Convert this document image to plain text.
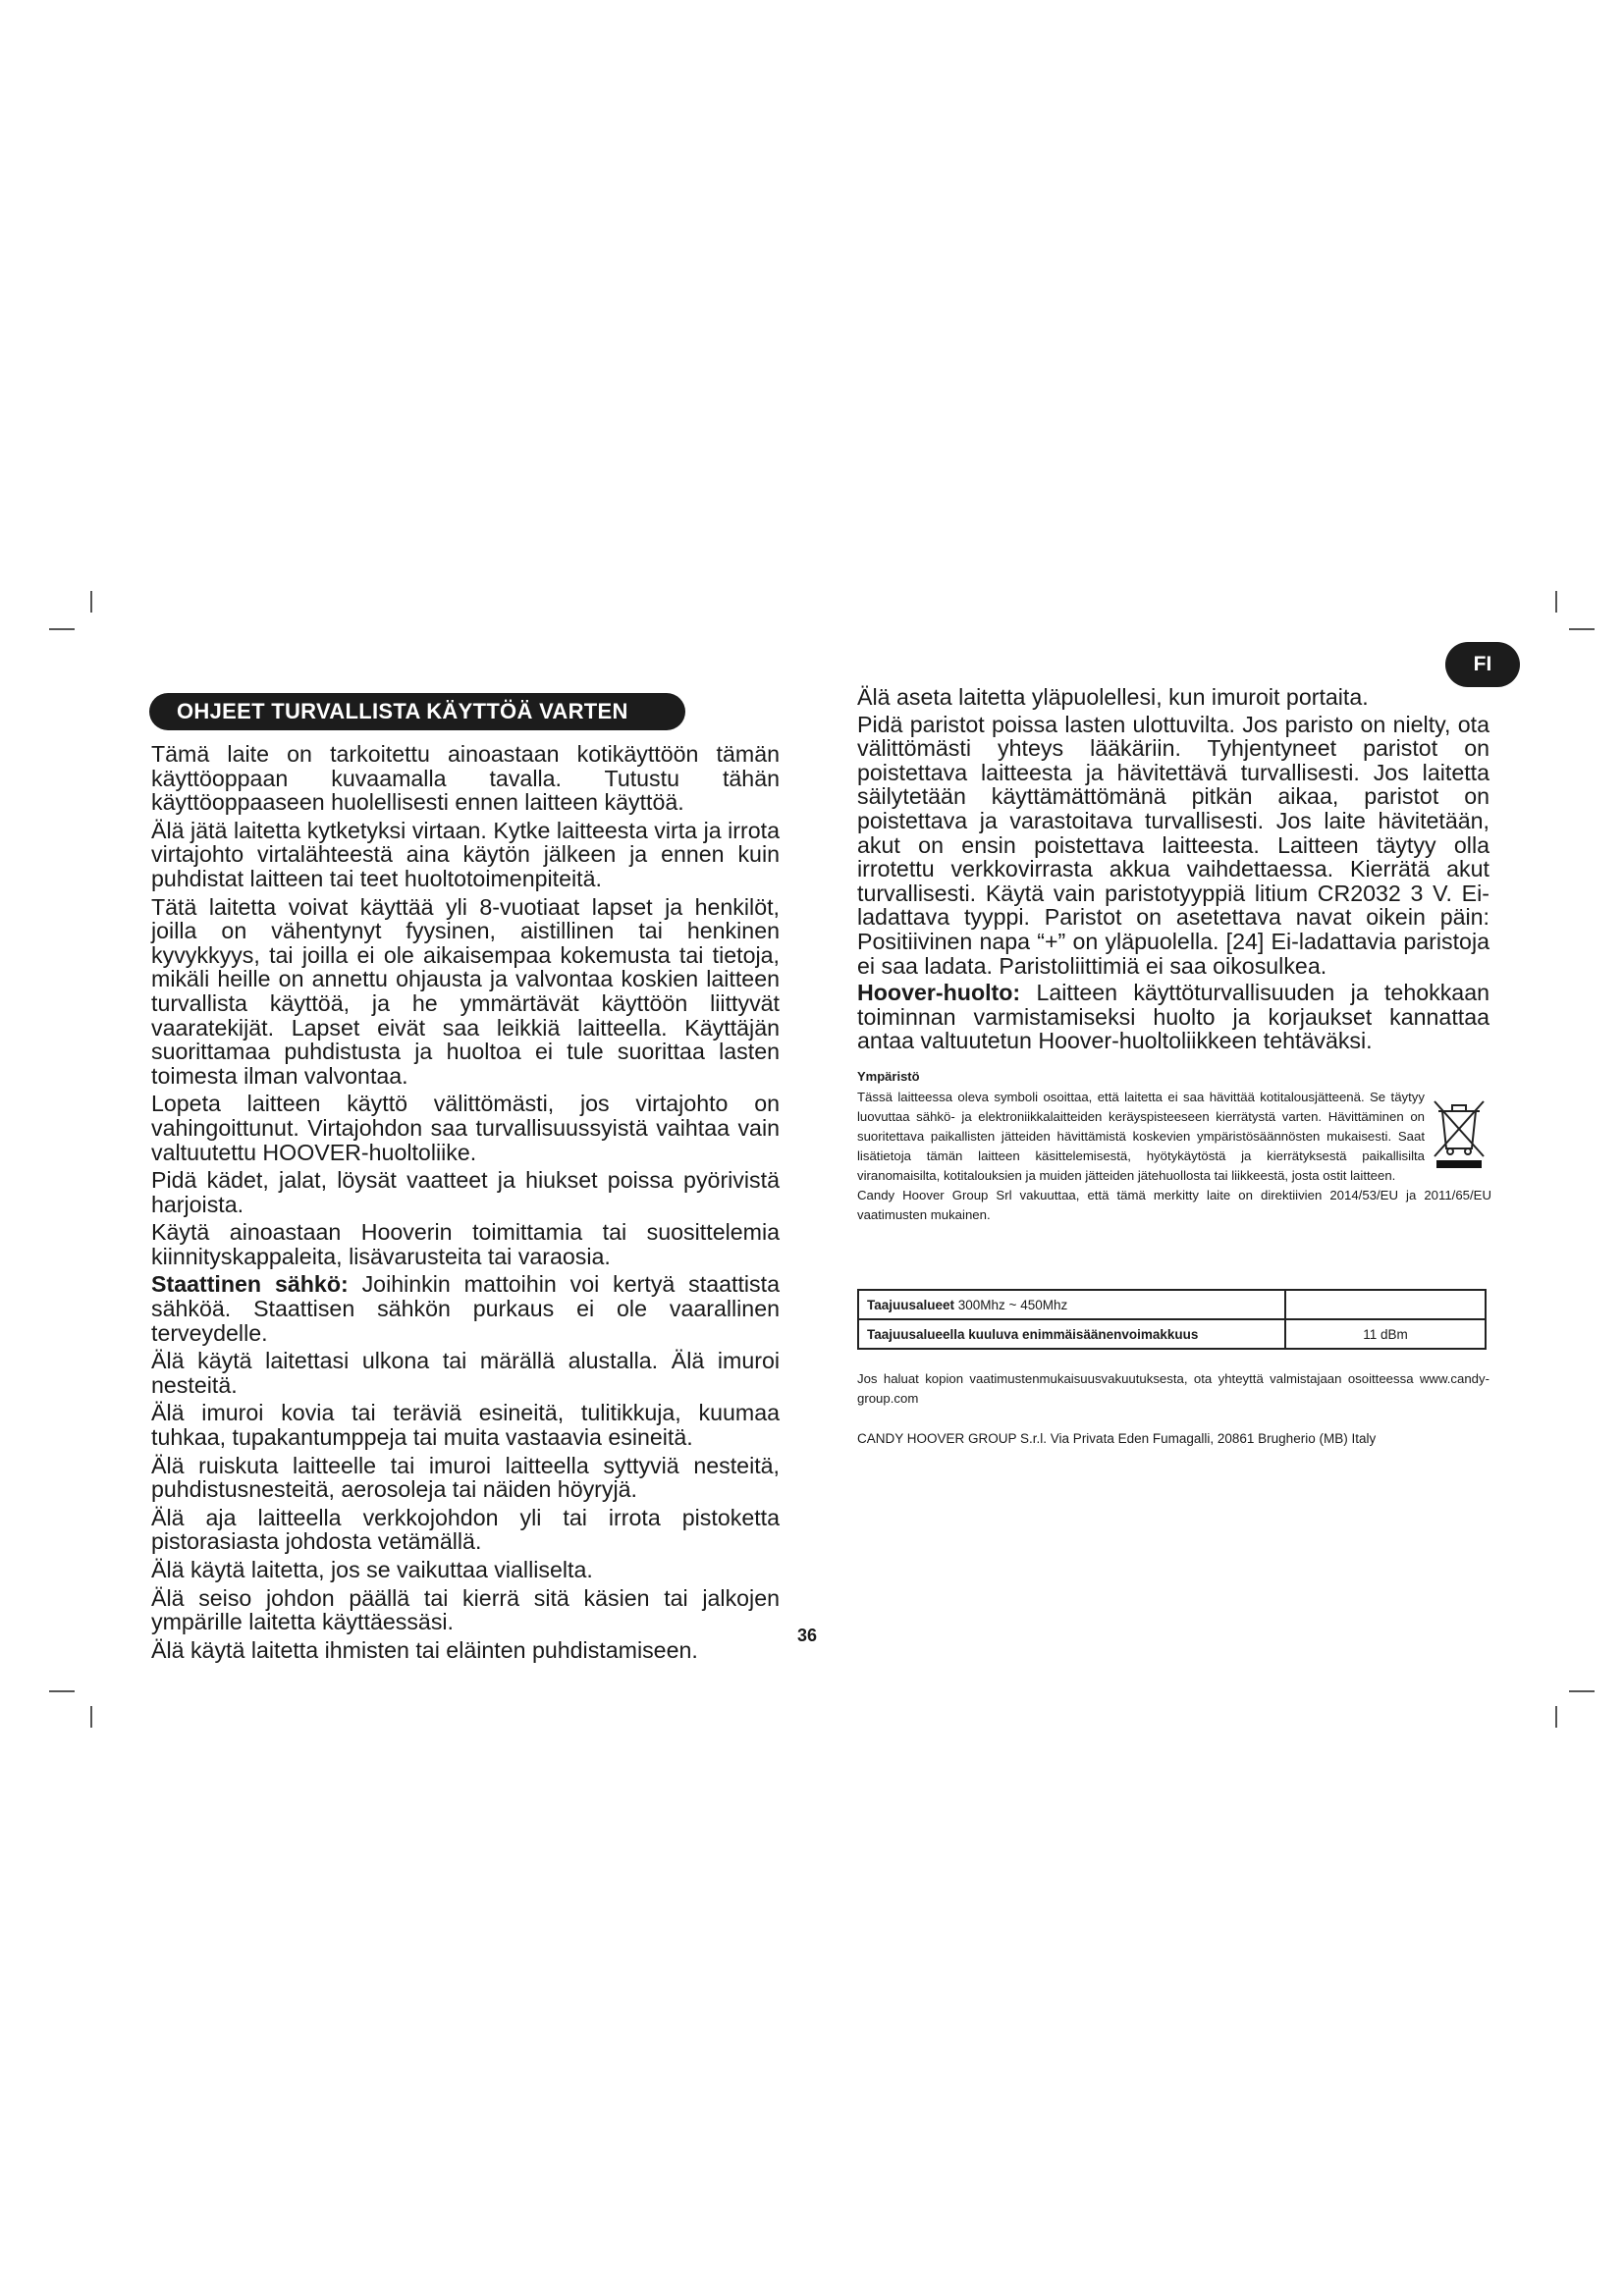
FI
OHJEET TURVALLISTA KÄYTTÖÄ VARTEN

Tämä laite on tarkoitettu ainoastaan kotikäyttöön tämän käyttöoppaan kuvaamalla tavalla. Tutustu tähän käyttöoppaaseen huolellisesti ennen laitteen käyttöä.

Älä jätä laitetta kytketyksi virtaan. Kytke laitteesta virta ja irrota virtajohto virtalähteestä aina käytön jälkeen ja ennen kuin puhdistat laitteen tai teet huoltotoimenpiteitä.

Tätä laitetta voivat käyttää yli 8-vuotiaat lapset ja henkilöt, joilla on vähentynyt fyysinen, aistillinen tai henkinen kyvykkyys, tai joilla ei ole aikaisempaa kokemusta tai tietoja, mikäli heille on annettu ohjausta ja valvontaa koskien laitteen turvallista käyttöä, ja he ymmärtävät käyttöön liittyvät vaaratekijät. Lapset eivät saa leikkiä laitteella. Käyttäjän suorittamaa puhdistusta ja huoltoa ei tule suorittaa lasten toimesta ilman valvontaa.

Lopeta laitteen käyttö välittömästi, jos virtajohto on vahingoittunut. Virtajohdon saa turvallisuussyistä vaihtaa vain valtuutettu HOOVER-huoltoliike.

Pidä kädet, jalat, löysät vaatteet ja hiukset poissa pyörivistä harjoista.

Käytä ainoastaan Hooverin toimittamia tai suosittelemia kiinnityskappaleita, lisävarusteita tai varaosia.

Staattinen sähkö: Joihinkin mattoihin voi kertyä staattista sähköä. Staattisen sähkön purkaus ei ole vaarallinen terveydelle.

Älä käytä laitettasi ulkona tai märällä alustalla. Älä imuroi nesteitä.

Älä imuroi kovia tai teräviä esineitä, tulitikkuja, kuumaa tuhkaa, tupakantumppeja tai muita vastaavia esineitä.

Älä ruiskuta laitteelle tai imuroi laitteella syttyviä nesteitä, puhdistusnesteitä, aerosoleja tai näiden höyryjä.

Älä aja laitteella verkkojohdon yli tai irrota pistoketta pistorasiasta johdosta vetämällä.

Älä käytä laitetta, jos se vaikuttaa vialliselta.

Älä seiso johdon päällä tai kierrä sitä käsien tai jalkojen ympärille laitetta käyttäessäsi.

Älä käytä laitetta ihmisten tai eläinten puhdistamiseen.

Älä aseta laitetta yläpuolellesi, kun imuroit portaita.

Pidä paristot poissa lasten ulottuvilta. Jos paristo on nielty, ota välittömästi yhteys lääkäriin. Tyhjentyneet paristot on poistettava laitteesta ja hävitettävä turvallisesti. Jos laitetta säilytetään käyttämättömänä pitkän aikaa, paristot on poistettava ja varastoitava turvallisesti. Jos laite hävitetään, akut on ensin poistettava laitteesta. Laitteen täytyy olla irrotettu verkkovirrasta akkua vaihdettaessa. Kierrätä akut turvallisesti. Käytä vain paristotyyppiä litium CR2032 3 V. Ei-ladattava tyyppi. Paristot on asetettava navat oikein päin: Positiivinen napa “+” on yläpuolella. [24] Ei-ladattavia paristoja ei saa ladata. Paristoliittimiä ei saa oikosulkea.

Hoover-huolto: Laitteen käyttöturvallisuuden ja tehokkaan toiminnan varmistamiseksi huolto ja korjaukset kannattaa antaa valtuutetun Hoover-huoltoliikkeen tehtäväksi.

Ympäristö

Tässä laitteessa oleva symboli osoittaa, että laitetta ei saa hävittää kotitalousjätteenä. Se täytyy luovuttaa sähkö- ja elektroniikkalaitteiden keräyspisteeseen kierrätystä varten. Hävittäminen on suoritettava paikallisten jätteiden hävittämistä koskevien ympäristösäännösten mukaisesti. Saat lisätietoja tämän laitteen käsittelemisestä, hyötykäytöstä ja kierrätyksestä paikallisilta viranomaisilta, kotitalouksien ja muiden jätteiden jätehuollosta tai liikkeestä, josta ostit laitteen.

Candy Hoover Group Srl vakuuttaa, että tämä merkitty laite on direktiivien 2014/53/EU ja 2011/65/EU vaatimusten mukainen.

Taajuusalueet 300Mhz ~ 450Mhz	
Taajuusalueella kuuluva enimmäisäänenvoimakkuus	11 dBm

Jos haluat kopion vaatimustenmukaisuusvakuutuksesta, ota yhteyttä valmistajaan osoitteessa www.candy-group.com

CANDY HOOVER GROUP S.r.l. Via Privata Eden Fumagalli, 20861 Brugherio (MB) Italy
36
